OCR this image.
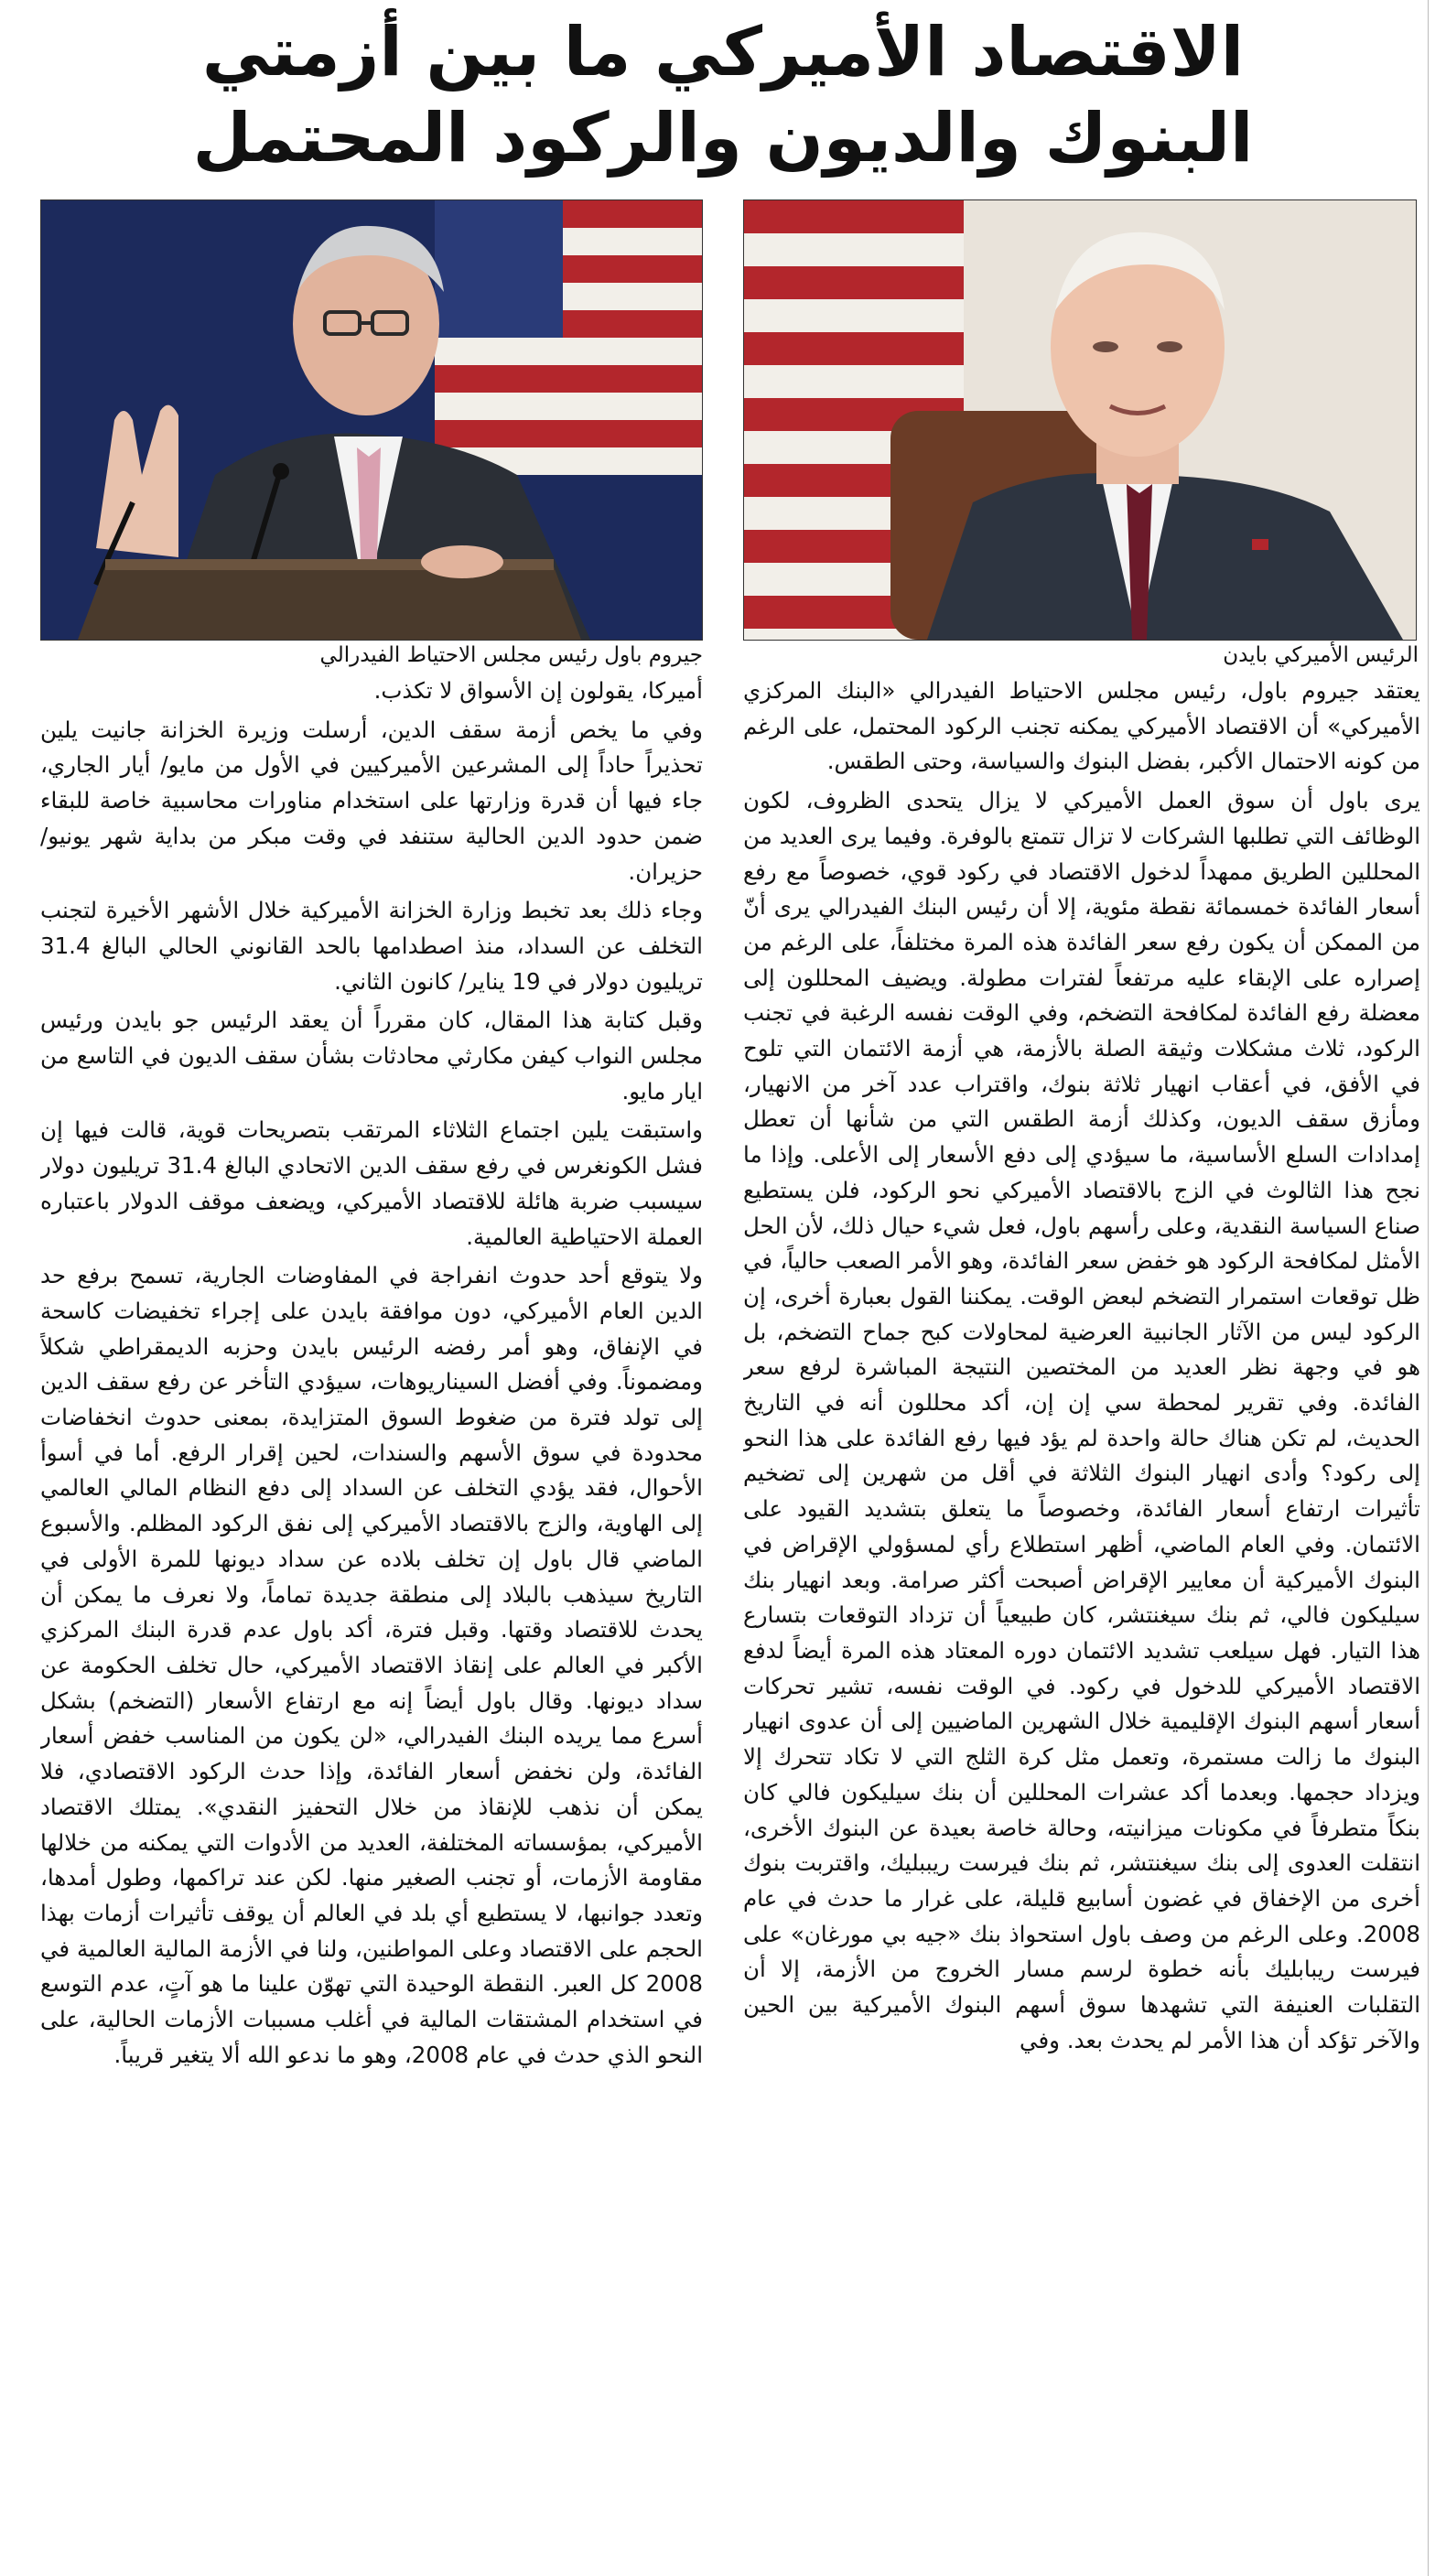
الاقتصاد الأميركي ما بين أزمتي
البنوك والديون والركود المحتمل
الرئيس الأميركي بايدن
جيروم باول رئيس مجلس الاحتياط الفيدرالي

يعتقد جيروم باول، رئيس مجلس الاحتياط الفيدرالي «البنك المركزي الأميركي» أن الاقتصاد الأميركي يمكنه تجنب الركود المحتمل، على الرغم من كونه الاحتمال الأكبر، بفضل البنوك والسياسة، وحتى الطقس.

يرى باول أن سوق العمل الأميركي لا يزال يتحدى الظروف، لكون الوظائف التي تطلبها الشركات لا تزال تتمتع بالوفرة. وفيما يرى العديد من المحللين الطريق ممهداً لدخول الاقتصاد في ركود قوي، خصوصاً مع رفع أسعار الفائدة خمسمائة نقطة مئوية، إلا أن رئيس البنك الفيدرالي يرى أنّ من الممكن أن يكون رفع سعر الفائدة هذه المرة مختلفاً، على الرغم من إصراره على الإبقاء عليه مرتفعاً لفترات مطولة. ويضيف المحللون إلى معضلة رفع الفائدة لمكافحة التضخم، وفي الوقت نفسه الرغبة في تجنب الركود، ثلاث مشكلات وثيقة الصلة بالأزمة، هي أزمة الائتمان التي تلوح في الأفق، في أعقاب انهيار ثلاثة بنوك، واقتراب عدد آخر من الانهيار، ومأزق سقف الديون، وكذلك أزمة الطقس التي من شأنها أن تعطل إمدادات السلع الأساسية، ما سيؤدي إلى دفع الأسعار إلى الأعلى. وإذا ما نجح هذا الثالوث في الزج بالاقتصاد الأميركي نحو الركود، فلن يستطيع صناع السياسة النقدية، وعلى رأسهم باول، فعل شيء حيال ذلك، لأن الحل الأمثل لمكافحة الركود هو خفض سعر الفائدة، وهو الأمر الصعب حالياً، في ظل توقعات استمرار التضخم لبعض الوقت. يمكننا القول بعبارة أخرى، إن الركود ليس من الآثار الجانبية العرضية لمحاولات كبح جماح التضخم، بل هو في وجهة نظر العديد من المختصين النتيجة المباشرة لرفع سعر الفائدة. وفي تقرير لمحطة سي إن إن، أكد محللون أنه في التاريخ الحديث، لم تكن هناك حالة واحدة لم يؤد فيها رفع الفائدة على هذا النحو إلى ركود؟ وأدى انهيار البنوك الثلاثة في أقل من شهرين إلى تضخيم تأثيرات ارتفاع أسعار الفائدة، وخصوصاً ما يتعلق بتشديد القيود على الائتمان. وفي العام الماضي، أظهر استطلاع رأي لمسؤولي الإقراض في البنوك الأميركية أن معايير الإقراض أصبحت أكثر صرامة. وبعد انهيار بنك سيليكون فالي، ثم بنك سيغنتشر، كان طبيعياً أن تزداد التوقعات بتسارع هذا التيار. فهل سيلعب تشديد الائتمان دوره المعتاد هذه المرة أيضاً لدفع الاقتصاد الأميركي للدخول في ركود. في الوقت نفسه، تشير تحركات أسعار أسهم البنوك الإقليمية خلال الشهرين الماضيين إلى أن عدوى انهيار البنوك ما زالت مستمرة، وتعمل مثل كرة الثلج التي لا تكاد تتحرك إلا ويزداد حجمها. وبعدما أكد عشرات المحللين أن بنك سيليكون فالي كان بنكاً متطرفاً في مكونات ميزانيته، وحالة خاصة بعيدة عن البنوك الأخرى، انتقلت العدوى إلى بنك سيغنتشر، ثم بنك فيرست ريببليك، واقتربت بنوك أخرى من الإخفاق في غضون أسابيع قليلة، على غرار ما حدث في عام 2008. وعلى الرغم من وصف باول استحواذ بنك «جيه بي مورغان» على فيرست ريبابليك بأنه خطوة لرسم مسار الخروج من الأزمة، إلا أن التقلبات العنيفة التي تشهدها سوق أسهم البنوك الأميركية بين الحين والآخر تؤكد أن هذا الأمر لم يحدث بعد. وفي

أميركا، يقولون إن الأسواق لا تكذب.

وفي ما يخص أزمة سقف الدين، أرسلت وزيرة الخزانة جانيت يلين تحذيراً حاداً إلى المشرعين الأميركيين في الأول من مايو/ أيار الجاري، جاء فيها أن قدرة وزارتها على استخدام مناورات محاسبية خاصة للبقاء ضمن حدود الدين الحالية ستنفد في وقت مبكر من بداية شهر يونيو/ حزيران.

وجاء ذلك بعد تخبط وزارة الخزانة الأميركية خلال الأشهر الأخيرة لتجنب التخلف عن السداد، منذ اصطدامها بالحد القانوني الحالي البالغ 31.4 تريليون دولار في 19 يناير/ كانون الثاني.

وقبل كتابة هذا المقال، كان مقرراً أن يعقد الرئيس جو بايدن ورئيس مجلس النواب كيفن مكارثي محادثات بشأن سقف الديون في التاسع من ايار مايو.

واستبقت يلين اجتماع الثلاثاء المرتقب بتصريحات قوية، قالت فيها إن فشل الكونغرس في رفع سقف الدين الاتحادي البالغ 31.4 تريليون دولار سيسبب ضربة هائلة للاقتصاد الأميركي، ويضعف موقف الدولار باعتباره العملة الاحتياطية العالمية.

ولا يتوقع أحد حدوث انفراجة في المفاوضات الجارية، تسمح برفع حد الدين العام الأميركي، دون موافقة بايدن على إجراء تخفيضات كاسحة في الإنفاق، وهو أمر رفضه الرئيس بايدن وحزبه الديمقراطي شكلاً ومضموناً. وفي أفضل السيناريوهات، سيؤدي التأخر عن رفع سقف الدين إلى تولد فترة من ضغوط السوق المتزايدة، بمعنى حدوث انخفاضات محدودة في سوق الأسهم والسندات، لحين إقرار الرفع. أما في أسوأ الأحوال، فقد يؤدي التخلف عن السداد إلى دفع النظام المالي العالمي إلى الهاوية، والزج بالاقتصاد الأميركي إلى نفق الركود المظلم. والأسبوع الماضي قال باول إن تخلف بلاده عن سداد ديونها للمرة الأولى في التاريخ سيذهب بالبلاد إلى منطقة جديدة تماماً، ولا نعرف ما يمكن أن يحدث للاقتصاد وقتها. وقبل فترة، أكد باول عدم قدرة البنك المركزي الأكبر في العالم على إنقاذ الاقتصاد الأميركي، حال تخلف الحكومة عن سداد ديونها. وقال باول أيضاً إنه مع ارتفاع الأسعار (التضخم) بشكل أسرع مما يريده البنك الفيدرالي، «لن يكون من المناسب خفض أسعار الفائدة، ولن نخفض أسعار الفائدة، وإذا حدث الركود الاقتصادي، فلا يمكن أن نذهب للإنقاذ من خلال التحفيز النقدي». يمتلك الاقتصاد الأميركي، بمؤسساته المختلفة، العديد من الأدوات التي يمكنه من خلالها مقاومة الأزمات، أو تجنب الصغير منها. لكن عند تراكمها، وطول أمدها، وتعدد جوانبها، لا يستطيع أي بلد في العالم أن يوقف تأثيرات أزمات بهذا الحجم على الاقتصاد وعلى المواطنين، ولنا في الأزمة المالية العالمية في 2008 كل العبر. النقطة الوحيدة التي تهوّن علينا ما هو آتٍ، عدم التوسع في استخدام المشتقات المالية في أغلب مسببات الأزمات الحالية، على النحو الذي حدث في عام 2008، وهو ما ندعو الله ألا يتغير قريباً.
